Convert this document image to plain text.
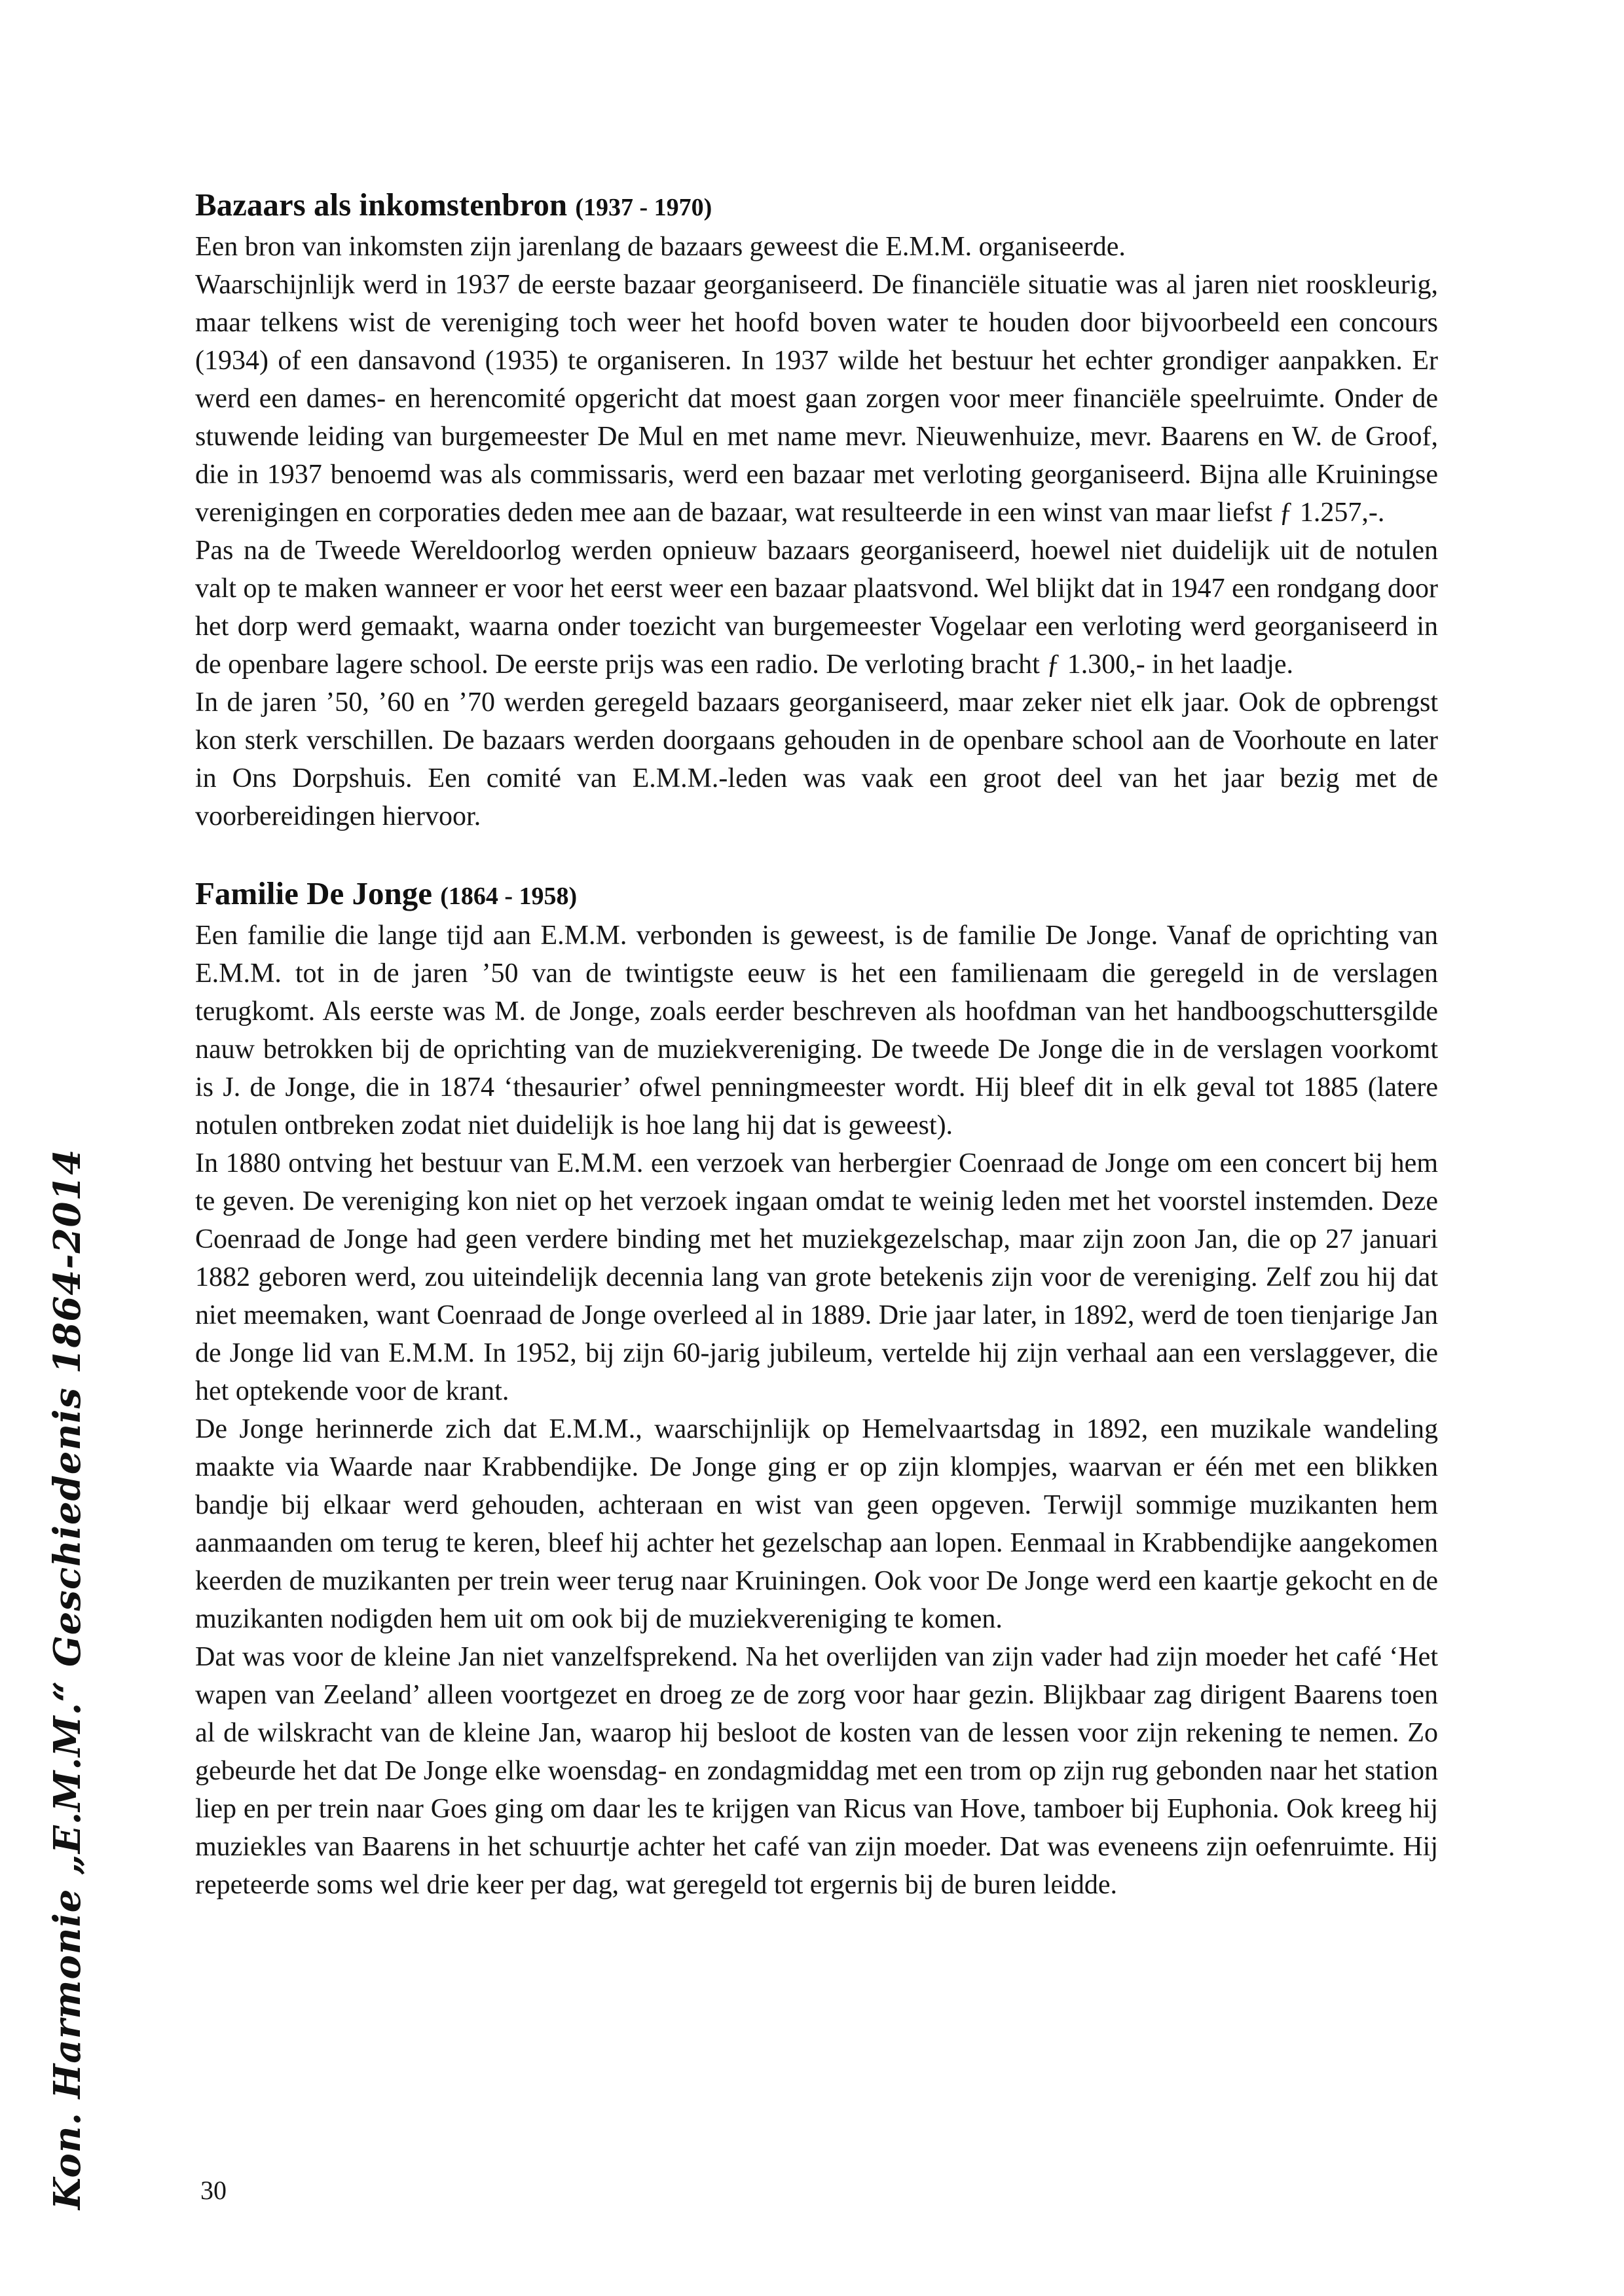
Kon. Harmonie „E.M.M.“ Geschiedenis 1864-2014
Bazaars als inkomstenbron (1937 - 1970)

Een bron van inkomsten zijn jarenlang de bazaars geweest die E.M.M. organiseerde.

Waarschijnlijk werd in 1937 de eerste bazaar georganiseerd. De financiële situatie was al jaren niet rooskleurig, maar telkens wist de vereniging toch weer het hoofd boven water te houden door bijvoorbeeld een concours (1934) of een dansavond (1935) te organiseren. In 1937 wilde het bestuur het echter grondiger aanpakken. Er werd een dames- en herencomité opgericht dat moest gaan zorgen voor meer financiële speelruimte. Onder de stuwende leiding van burgemeester De Mul en met name mevr. Nieuwenhuize, mevr. Baarens en W. de Groof, die in 1937 benoemd was als commissaris, werd een bazaar met verloting georganiseerd. Bijna alle Kruiningse verenigingen en corporaties deden mee aan de bazaar, wat resulteerde in een winst van maar liefst ƒ 1.257,-.

Pas na de Tweede Wereldoorlog werden opnieuw bazaars georganiseerd, hoewel niet duidelijk uit de notulen valt op te maken wanneer er voor het eerst weer een bazaar plaatsvond. Wel blijkt dat in 1947 een rondgang door het dorp werd gemaakt, waarna onder toezicht van burgemeester Vogelaar een verloting werd georganiseerd in de openbare lagere school. De eerste prijs was een radio. De verloting bracht ƒ 1.300,- in het laadje.

In de jaren ’50, ’60 en ’70 werden geregeld bazaars georganiseerd, maar zeker niet elk jaar. Ook de opbrengst kon sterk verschillen. De bazaars werden doorgaans gehouden in de openbare school aan de Voorhoute en later in Ons Dorpshuis. Een comité van E.M.M.-leden was vaak een groot deel van het jaar bezig met de voorbereidingen hiervoor.

Familie De Jonge (1864 - 1958)

Een familie die lange tijd aan E.M.M. verbonden is geweest, is de familie De Jonge. Vanaf de oprichting van E.M.M. tot in de jaren ’50 van de twintigste eeuw is het een familienaam die geregeld in de verslagen terugkomt. Als eerste was M. de Jonge, zoals eerder beschreven als hoofdman van het handboogschuttersgilde nauw betrokken bij de oprichting van de muziekvereniging. De tweede De Jonge die in de verslagen voorkomt is J. de Jonge, die in 1874 ‘thesaurier’ ofwel penningmeester wordt. Hij bleef dit in elk geval tot 1885 (latere notulen ontbreken zodat niet duidelijk is hoe lang hij dat is geweest).

In 1880 ontving het bestuur van E.M.M. een verzoek van herbergier Coenraad de Jonge om een concert bij hem te geven. De vereniging kon niet op het verzoek ingaan omdat te weinig leden met het voorstel instemden. Deze Coenraad de Jonge had geen verdere binding met het muziekgezelschap, maar zijn zoon Jan, die op 27 januari 1882 geboren werd, zou uiteindelijk decennia lang van grote betekenis zijn voor de vereniging. Zelf zou hij dat niet meemaken, want Coenraad de Jonge overleed al in 1889. Drie jaar later, in 1892, werd de toen tienjarige Jan de Jonge lid van E.M.M. In 1952, bij zijn 60-jarig jubileum, vertelde hij zijn verhaal aan een verslaggever, die het optekende voor de krant.

De Jonge herinnerde zich dat E.M.M., waarschijnlijk op Hemelvaartsdag in 1892, een muzikale wandeling maakte via Waarde naar Krabbendijke. De Jonge ging er op zijn klompjes, waarvan er één met een blikken bandje bij elkaar werd gehouden, achteraan en wist van geen opgeven. Terwijl sommige muzikanten hem aanmaanden om terug te keren, bleef hij achter het gezelschap aan lopen. Eenmaal in Krabbendijke aangekomen keerden de muzikanten per trein weer terug naar Kruiningen. Ook voor De Jonge werd een kaartje gekocht en de muzikanten nodigden hem uit om ook bij de muziekvereniging te komen.

Dat was voor de kleine Jan niet vanzelfsprekend. Na het overlijden van zijn vader had zijn moeder het café ‘Het wapen van Zeeland’ alleen voortgezet en droeg ze de zorg voor haar gezin. Blijkbaar zag dirigent Baarens toen al de wilskracht van de kleine Jan, waarop hij besloot de kosten van de lessen voor zijn rekening te nemen. Zo gebeurde het dat De Jonge elke woensdag- en zondagmiddag met een trom op zijn rug gebonden naar het station liep en per trein naar Goes ging om daar les te krijgen van Ricus van Hove, tamboer bij Euphonia. Ook kreeg hij muziekles van Baarens in het schuurtje achter het café van zijn moeder. Dat was eveneens zijn oefenruimte. Hij repeteerde soms wel drie keer per dag, wat geregeld tot ergernis bij de buren leidde.

30
